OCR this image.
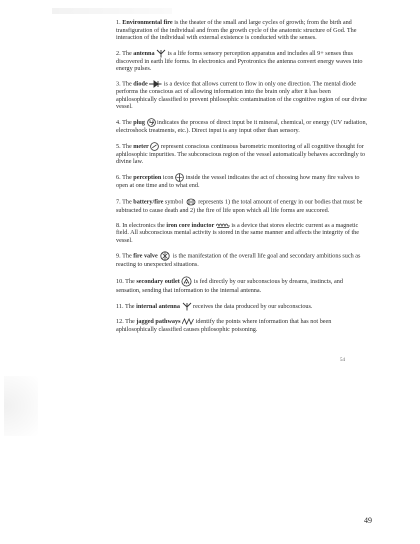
1. Environmental fire is the theater of the small and large cycles of growth; from the birth and transfiguration of the individual and from the growth cycle of the anatomic structure of God. The interaction of the individual with external existence is conducted with the senses.

2. The antenna
is a life forms sensory perception apparatus and includes all 9+ senses thus discovered in earth life forms. In electronics and Pyrotronics the antenna convert energy waves into energy pulses.

3. The diode
is a device that allows current to flow in only one direction. The mental diode performs the conscious act of allowing information into the brain only after it has been aphilosophically classified to prevent philosophic contamination of the cognitive region of our divine vessel.

4. The plug
indicates the process of direct input be it mineral, chemical, or energy (UV radiation, electroshock treatments, etc.). Direct input is any input other than sensory.

5. The meter
represent conscious continuous barometric monitoring of all cognitive thought for aphilosophic impurities. The subconscious region of the vessel automatically behaves accordingly to divine law.

6. The perception icon
inside the vessel indicates the act of choosing how many fire valves to open at one time and to what end.

7. The battery/fire symbol
represents 1) the total amount of energy in our bodies that must be subtracted to cause death and 2) the fire of life upon which all life forms are succored.

8. In electronics the iron core inductor	is a device that stores electric current as a magnetic field. All subconscious mental activity is stored in the same manner and affects the integrity of the vessel.

9. The fire valve
is the manifestation of the overall life goal and secondary ambitions such as reacting to unexpected situations.

10. The secondary outlet
is fed directly by our subconscious by dreams, instincts, and sensation, sending that information to the internal antenna.

11. The internal antenna
receives the data produced by our subconscious.

12. The jagged pathways
identify the points where information that has not been aphilosophically classified causes philosophic poisoning.

54
49
